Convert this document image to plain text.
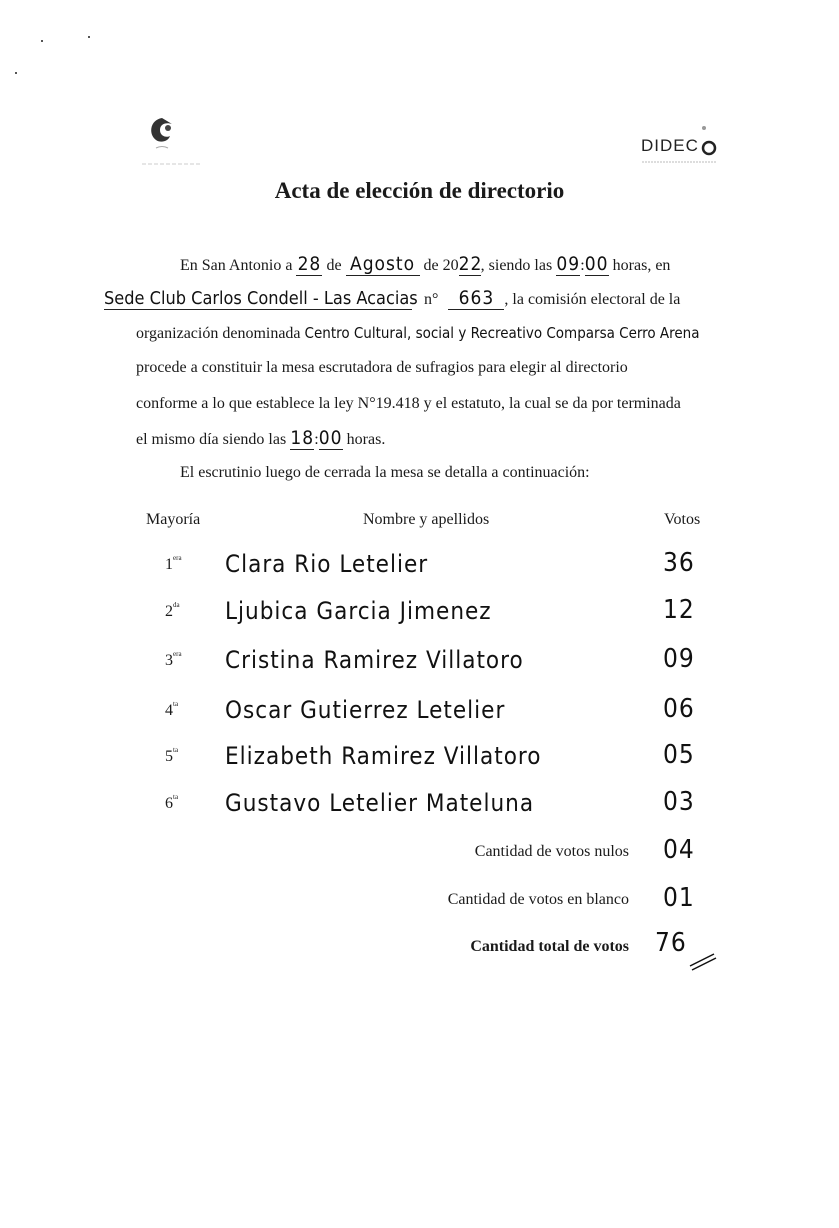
DIDEC
Acta de elección de directorio
En San Antonio a 28 de Agosto de 2022, siendo las 09:00 horas, en
Sede Club Carlos Condell - Las Acacias n° 663 , la comisión electoral de la
organización denominada Centro Cultural, social y Recreativo Comparsa Cerro Arena
procede a constituir la mesa escrutadora de sufragios para elegir al directorio
conforme a lo que establece la ley N°19.418 y el estatuto, la cual se da por terminada
el mismo día siendo las 18:00 horas.
El escrutinio luego de cerrada la mesa se detalla a continuación:
Mayoría	Nombre y apellidos	Votos
$1^{era}$ Clara Rio Letelier	36
$2^{da}$ Ljubica Garcia Jimenez	12
$3^{era}$ Cristina Ramirez Villatoro	09
$4^{ta}$ Oscar Gutierrez Letelier	06
$5^{ta}$ Elizabeth Ramirez Villatoro	05
$6^{ta}$ Gustavo Letelier Mateluna	03
Cantidad de votos nulos 04
Cantidad de votos en blanco 01
Cantidad total de votos 76
